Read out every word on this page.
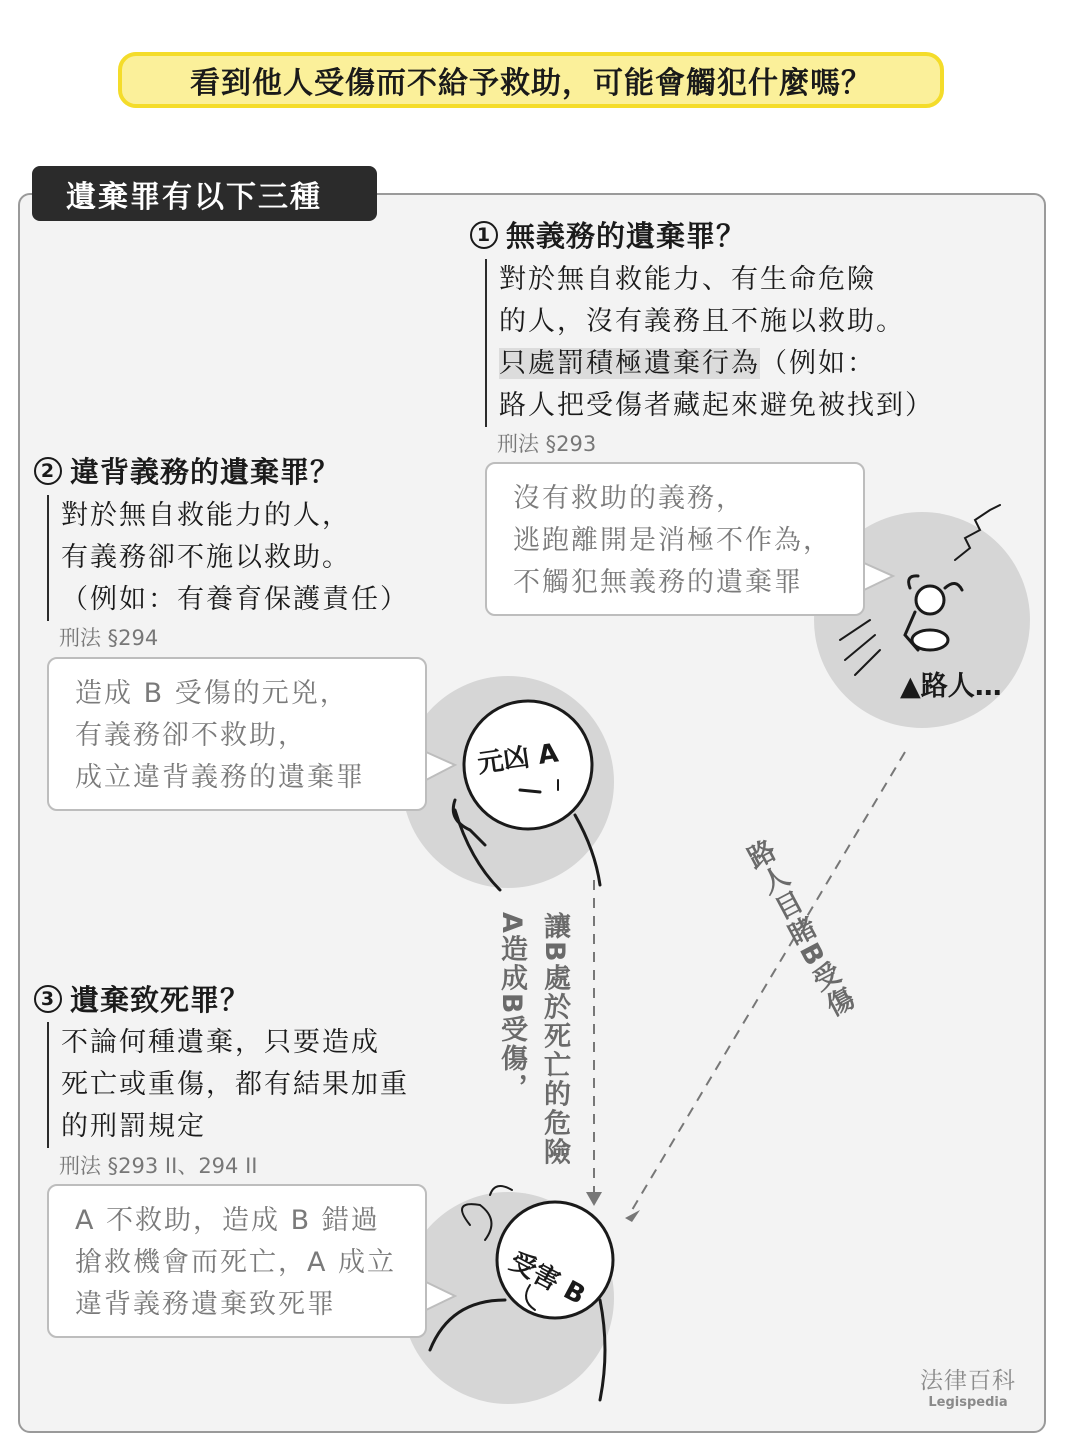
看到他人受傷而不給予救助，可能會觸犯什麼嗎？
遺棄罪有以下三種
▲路人…
元凶 A
受害 B
1 無義務的遺棄罪？
對於無自救能力、有生命危險
的人，沒有義務且不施以救助。
只處罰積極遺棄行為（例如：
路人把受傷者藏起來避免被找到）
刑法 §293
沒有救助的義務，
逃跑離開是消極不作為，
不觸犯無義務的遺棄罪
2 違背義務的遺棄罪？
對於無自救能力的人，
有義務卻不施以救助。
（例如：有養育保護責任）
刑法 §294
造成 B 受傷的元兇，
有義務卻不救助，
成立違背義務的遺棄罪
3 遺棄致死罪？
不論何種遺棄，只要造成
死亡或重傷，都有結果加重
的刑罰規定
刑法 §293 II、294 II
A 不救助，造成 B 錯過
搶救機會而死亡，A 成立
違背義務遺棄致死罪
A造成B受傷， 讓B處於死亡的危險	路人目睹B受傷
法律百科
Legispedia
